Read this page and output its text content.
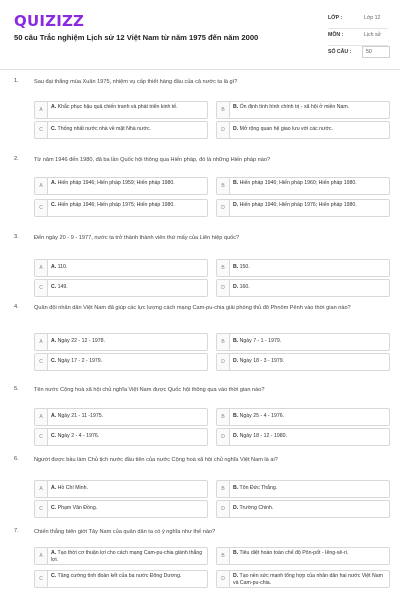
QUIZIZZ
50 câu Trắc nghiệm Lịch sử 12 Việt Nam từ năm 1975 đến năm 2000
LỚP :	Lớp 12
MÔN :	Lịch sử
SỐ CÂU :	50
1.	Sau đại thắng mùa Xuân 1975, nhiệm vụ cấp thiết hàng đầu của cả nước ta là gì?
A	A. Khắc phục hậu quả chiến tranh và phát triển kinh tế.	B	B. Ổn định tình hình chính trị - xã hội ở miền Nam.
C	C. Thống nhất nước nhà về mặt Nhà nước.	D	D. Mở rộng quan hệ giao lưu với các nước.
2.	Từ năm 1946 đến 1980, đã ba lần Quốc hội thông qua Hiến pháp, đó là những Hiến pháp nào?
A	A. Hiến pháp 1946; Hiến pháp 1959; Hiến pháp 1980.	B	B. Hiến pháp 1946; Hiến pháp 1960; Hiến pháp 1980.
C	C. Hiến pháp 1946; Hiến pháp 1975; Hiến pháp 1980.	D	D. Hiến pháp 1946; Hiến pháp 1976; Hiến pháp 1980.
3.	Đến ngày 20 - 9 - 1977, nước ta trở thành thành viên thứ mấy của Liên hiệp quốc?
A	A. 110.	B	B. 150.
C	C. 149.	D	D. 160.
4.	Quân đội nhân dân Việt Nam đã giúp các lực lượng cách mạng Cam-pu-chia giải phóng thủ đô Phnôm Pênh vào thời gian nào?
A	A. Ngày 22 - 12 - 1978.	B	B. Ngày 7 - 1 - 1979.
C	C. Ngày 17 - 2 - 1979.	D	D. Ngày 18 - 3 - 1979.
5.	Tên nước Cộng hoà xã hội chủ nghĩa Việt Nam được Quốc hội thông qua vào thời gian nào?
A	A. Ngày 21 - 11 -1975.	B	B. Ngày 25 - 4 - 1976.
C	C. Ngày 2 - 4 - 1976.	D	D. Ngày 18 - 12 - 1980.
6.	Người được bầu làm Chủ tịch nước đầu tiên của nước Cộng hoà xã hội chủ nghĩa Việt Nam là ai?
A	A. Hồ Chí Minh.	B	B. Tôn Đức Thắng.
C	C. Phạm Văn Đồng.	D	D. Trường Chinh.
7.	Chiến thắng biên giới Tây Nam của quân dân ta có ý nghĩa như thế nào?
A	A. Tạo thời cơ thuận lợi cho cách mạng Cam-pu-chia giành thắng lợi.
B	B. Tiêu diệt hoàn toàn chế độ Pôn-pốt - Iêng-xê-ri.
C	C. Tăng cường tình đoàn kết của ba nước Đông Dương.	D	D. Tạo nền sức mạnh tổng hợp của nhân dân hai nước Việt Nam và Cam-pu-chia.
